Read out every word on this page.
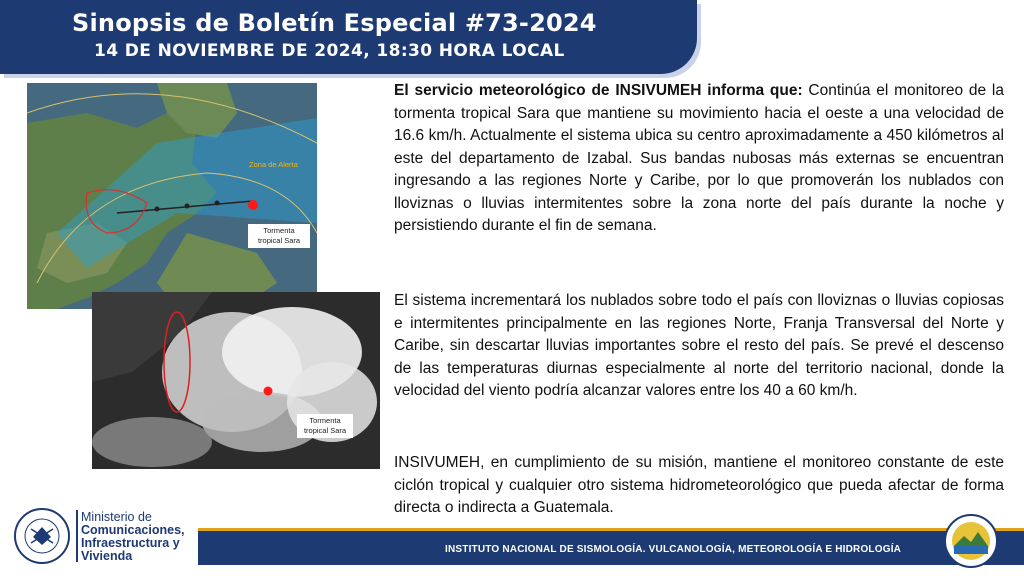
Sinopsis de Boletín Especial #73-2024
14 DE NOVIEMBRE DE 2024, 18:30 HORA LOCAL
Zona de Alerta
Tormenta
tropical Sara
Tormenta
tropical Sara
El servicio meteorológico de INSIVUMEH informa que: Continúa el monitoreo de la tormenta tropical Sara que mantiene su movimiento hacia el oeste a una velocidad de 16.6 km/h. Actualmente el sistema ubica su centro aproximadamente a 450 kilómetros al este del departamento de Izabal. Sus bandas nubosas más externas se encuentran ingresando a las regiones Norte y Caribe, por lo que promoverán los nublados con lloviznas o lluvias intermitentes sobre la zona norte del país durante la noche y persistiendo durante el fin de semana.
El sistema incrementará los nublados sobre todo el país con lloviznas o lluvias copiosas e intermitentes principalmente en las regiones Norte, Franja Transversal del Norte y Caribe, sin descartar lluvias importantes sobre el resto del país. Se prevé el descenso de las temperaturas diurnas especialmente al norte del territorio nacional, donde la velocidad del viento podría alcanzar valores entre los 40 a 60 km/h.
INSIVUMEH, en cumplimiento de su misión, mantiene el monitoreo constante de este ciclón tropical y cualquier otro sistema hidrometeorológico que pueda afectar de forma directa o indirecta a Guatemala.
Ministerio de
Comunicaciones,
Infraestructura y
Vivienda	INSTITUTO NACIONAL DE SISMOLOGÍA. VULCANOLOGÍA, METEOROLOGÍA E HIDROLOGÍA
